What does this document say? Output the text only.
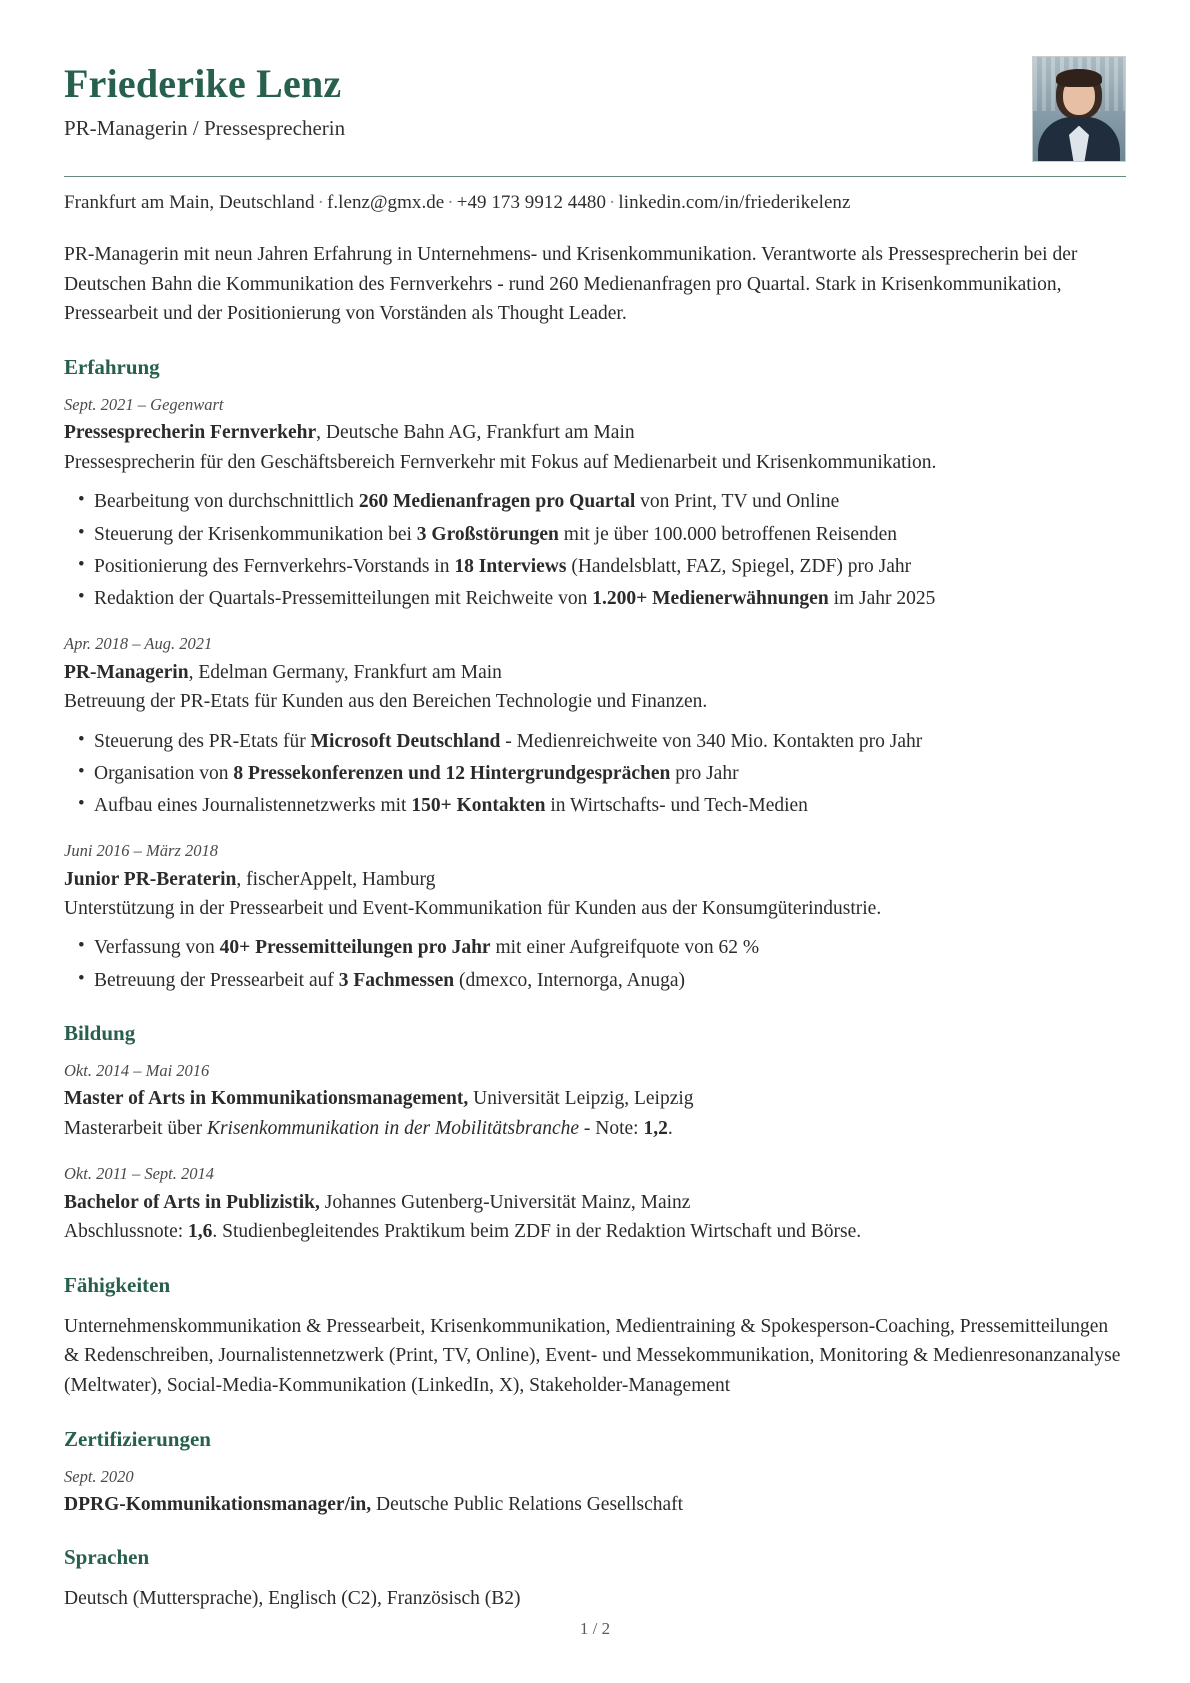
Friederike Lenz
PR-Managerin / Pressesprecherin
Frankfurt am Main, Deutschland · f.lenz@gmx.de · +49 173 9912 4480 · linkedin.com/in/friederikelenz
PR-Managerin mit neun Jahren Erfahrung in Unternehmens- und Krisenkommunikation. Verantworte als Pressesprecherin bei der Deutschen Bahn die Kommunikation des Fernverkehrs - rund 260 Medienanfragen pro Quartal. Stark in Krisenkommunikation, Pressearbeit und der Positionierung von Vorständen als Thought Leader.
Erfahrung
Sept. 2021 – Gegenwart
Pressesprecherin Fernverkehr, Deutsche Bahn AG, Frankfurt am Main
Pressesprecherin für den Geschäftsbereich Fernverkehr mit Fokus auf Medienarbeit und Krisenkommunikation.
• Bearbeitung von durchschnittlich 260 Medienanfragen pro Quartal von Print, TV und Online
• Steuerung der Krisenkommunikation bei 3 Großstörungen mit je über 100.000 betroffenen Reisenden
• Positionierung des Fernverkehrs-Vorstands in 18 Interviews (Handelsblatt, FAZ, Spiegel, ZDF) pro Jahr
• Redaktion der Quartals-Pressemitteilungen mit Reichweite von 1.200+ Medienerwähnungen im Jahr 2025
Apr. 2018 – Aug. 2021
PR-Managerin, Edelman Germany, Frankfurt am Main
Betreuung der PR-Etats für Kunden aus den Bereichen Technologie und Finanzen.
• Steuerung des PR-Etats für Microsoft Deutschland - Medienreichweite von 340 Mio. Kontakten pro Jahr
• Organisation von 8 Pressekonferenzen und 12 Hintergrundgesprächen pro Jahr
• Aufbau eines Journalistennetzwerks mit 150+ Kontakten in Wirtschafts- und Tech-Medien
Juni 2016 – März 2018
Junior PR-Beraterin, fischerAppelt, Hamburg
Unterstützung in der Pressearbeit und Event-Kommunikation für Kunden aus der Konsumgüterindustrie.
• Verfassung von 40+ Pressemitteilungen pro Jahr mit einer Aufgreifquote von 62 %
• Betreuung der Pressearbeit auf 3 Fachmessen (dmexco, Internorga, Anuga)
Bildung
Okt. 2014 – Mai 2016
Master of Arts in Kommunikationsmanagement, Universität Leipzig, Leipzig
Masterarbeit über Krisenkommunikation in der Mobilitätsbranche - Note: 1,2.
Okt. 2011 – Sept. 2014
Bachelor of Arts in Publizistik, Johannes Gutenberg-Universität Mainz, Mainz
Abschlussnote: 1,6. Studienbegleitendes Praktikum beim ZDF in der Redaktion Wirtschaft und Börse.
Fähigkeiten
Unternehmenskommunikation & Pressearbeit, Krisenkommunikation, Medientraining & Spokesperson-Coaching, Pressemitteilungen & Redenschreiben, Journalistennetzwerk (Print, TV, Online), Event- und Messekommunikation, Monitoring & Medienresonanzanalyse (Meltwater), Social-Media-Kommunikation (LinkedIn, X), Stakeholder-Management
Zertifizierungen
Sept. 2020
DPRG-Kommunikationsmanager/in, Deutsche Public Relations Gesellschaft
Sprachen
Deutsch (Muttersprache), Englisch (C2), Französisch (B2)
1 / 2
